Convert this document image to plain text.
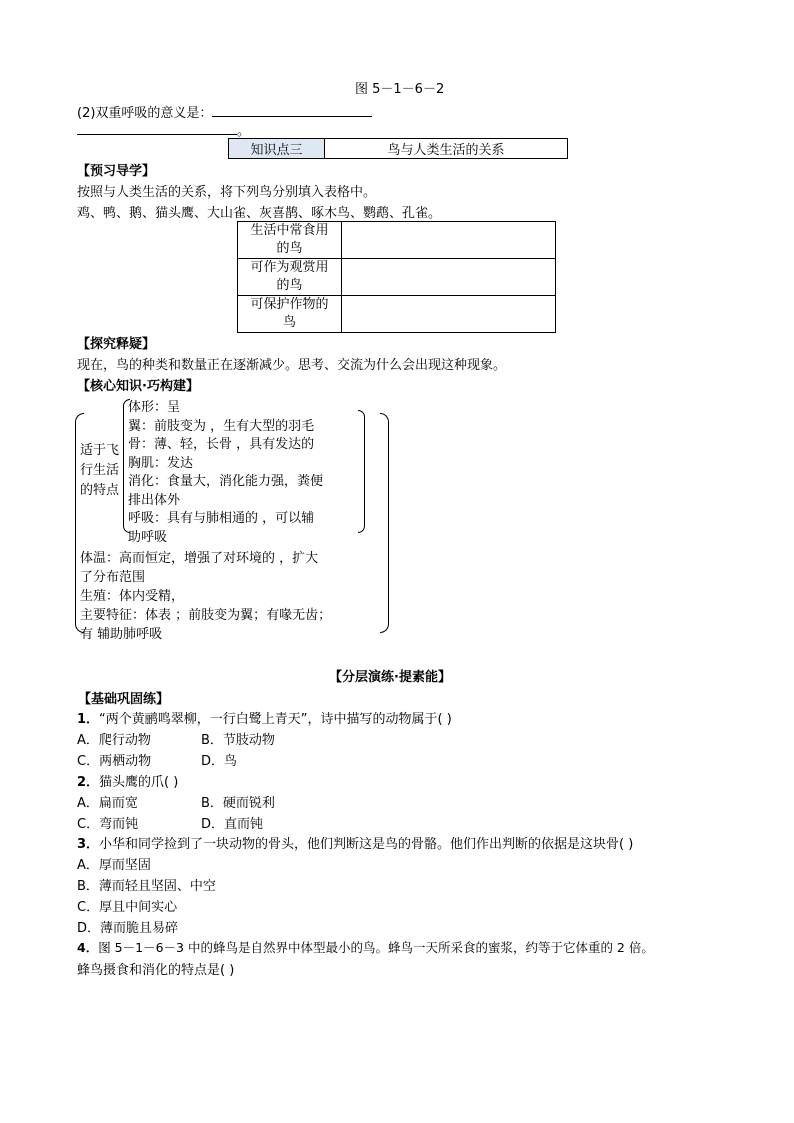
图 5－1－6－2
(2)双重呼吸的意义是：
。
知识点三	鸟与人类生活的关系
【预习导学】
按照与人类生活的关系，将下列鸟分别填入表格中。
鸡、鸭、鹅、猫头鹰、大山雀、灰喜鹊、啄木鸟、鹦鹉、孔雀。
生活中常食用
的鸟	
可作为观赏用
的鸟	
可保护作物的
鸟	
【探究释疑】
现在，鸟的种类和数量正在逐渐减少。思考、交流为什么会出现这种现象。
【核心知识·巧构建】
适于飞
行生活
的特点
体形：呈
翼：前肢变为 ，生有大型的羽毛
骨：薄、轻，长骨 ，具有发达的
胸肌：发达
消化：食量大，消化能力强，粪便
排出体外
呼吸：具有与肺相通的 ，可以辅
助呼吸
体温：高而恒定，增强了对环境的 ，扩大
了分布范围
生殖：体内受精，
主要特征：体表 ；前肢变为翼；有喙无齿；
有 辅助肺呼吸
【分层演练·提素能】
【基础巩固练】
1．“两个黄鹂鸣翠柳，一行白鹭上青天”，诗中描写的动物属于( )
A．爬行动物	B．节肢动物
C．两栖动物	D．鸟
2．猫头鹰的爪( )
A．扁而宽	B．硬而锐利
C．弯而钝	D．直而钝
3．小华和同学捡到了一块动物的骨头，他们判断这是鸟的骨骼。他们作出判断的依据是这块骨( )
A．厚而坚固
B．薄而轻且坚固、中空
C．厚且中间实心
D．薄而脆且易碎
4．图 5－1－6－3 中的蜂鸟是自然界中体型最小的鸟。蜂鸟一天所采食的蜜浆，约等于它体重的 2 倍。
蜂鸟摄食和消化的特点是( )
